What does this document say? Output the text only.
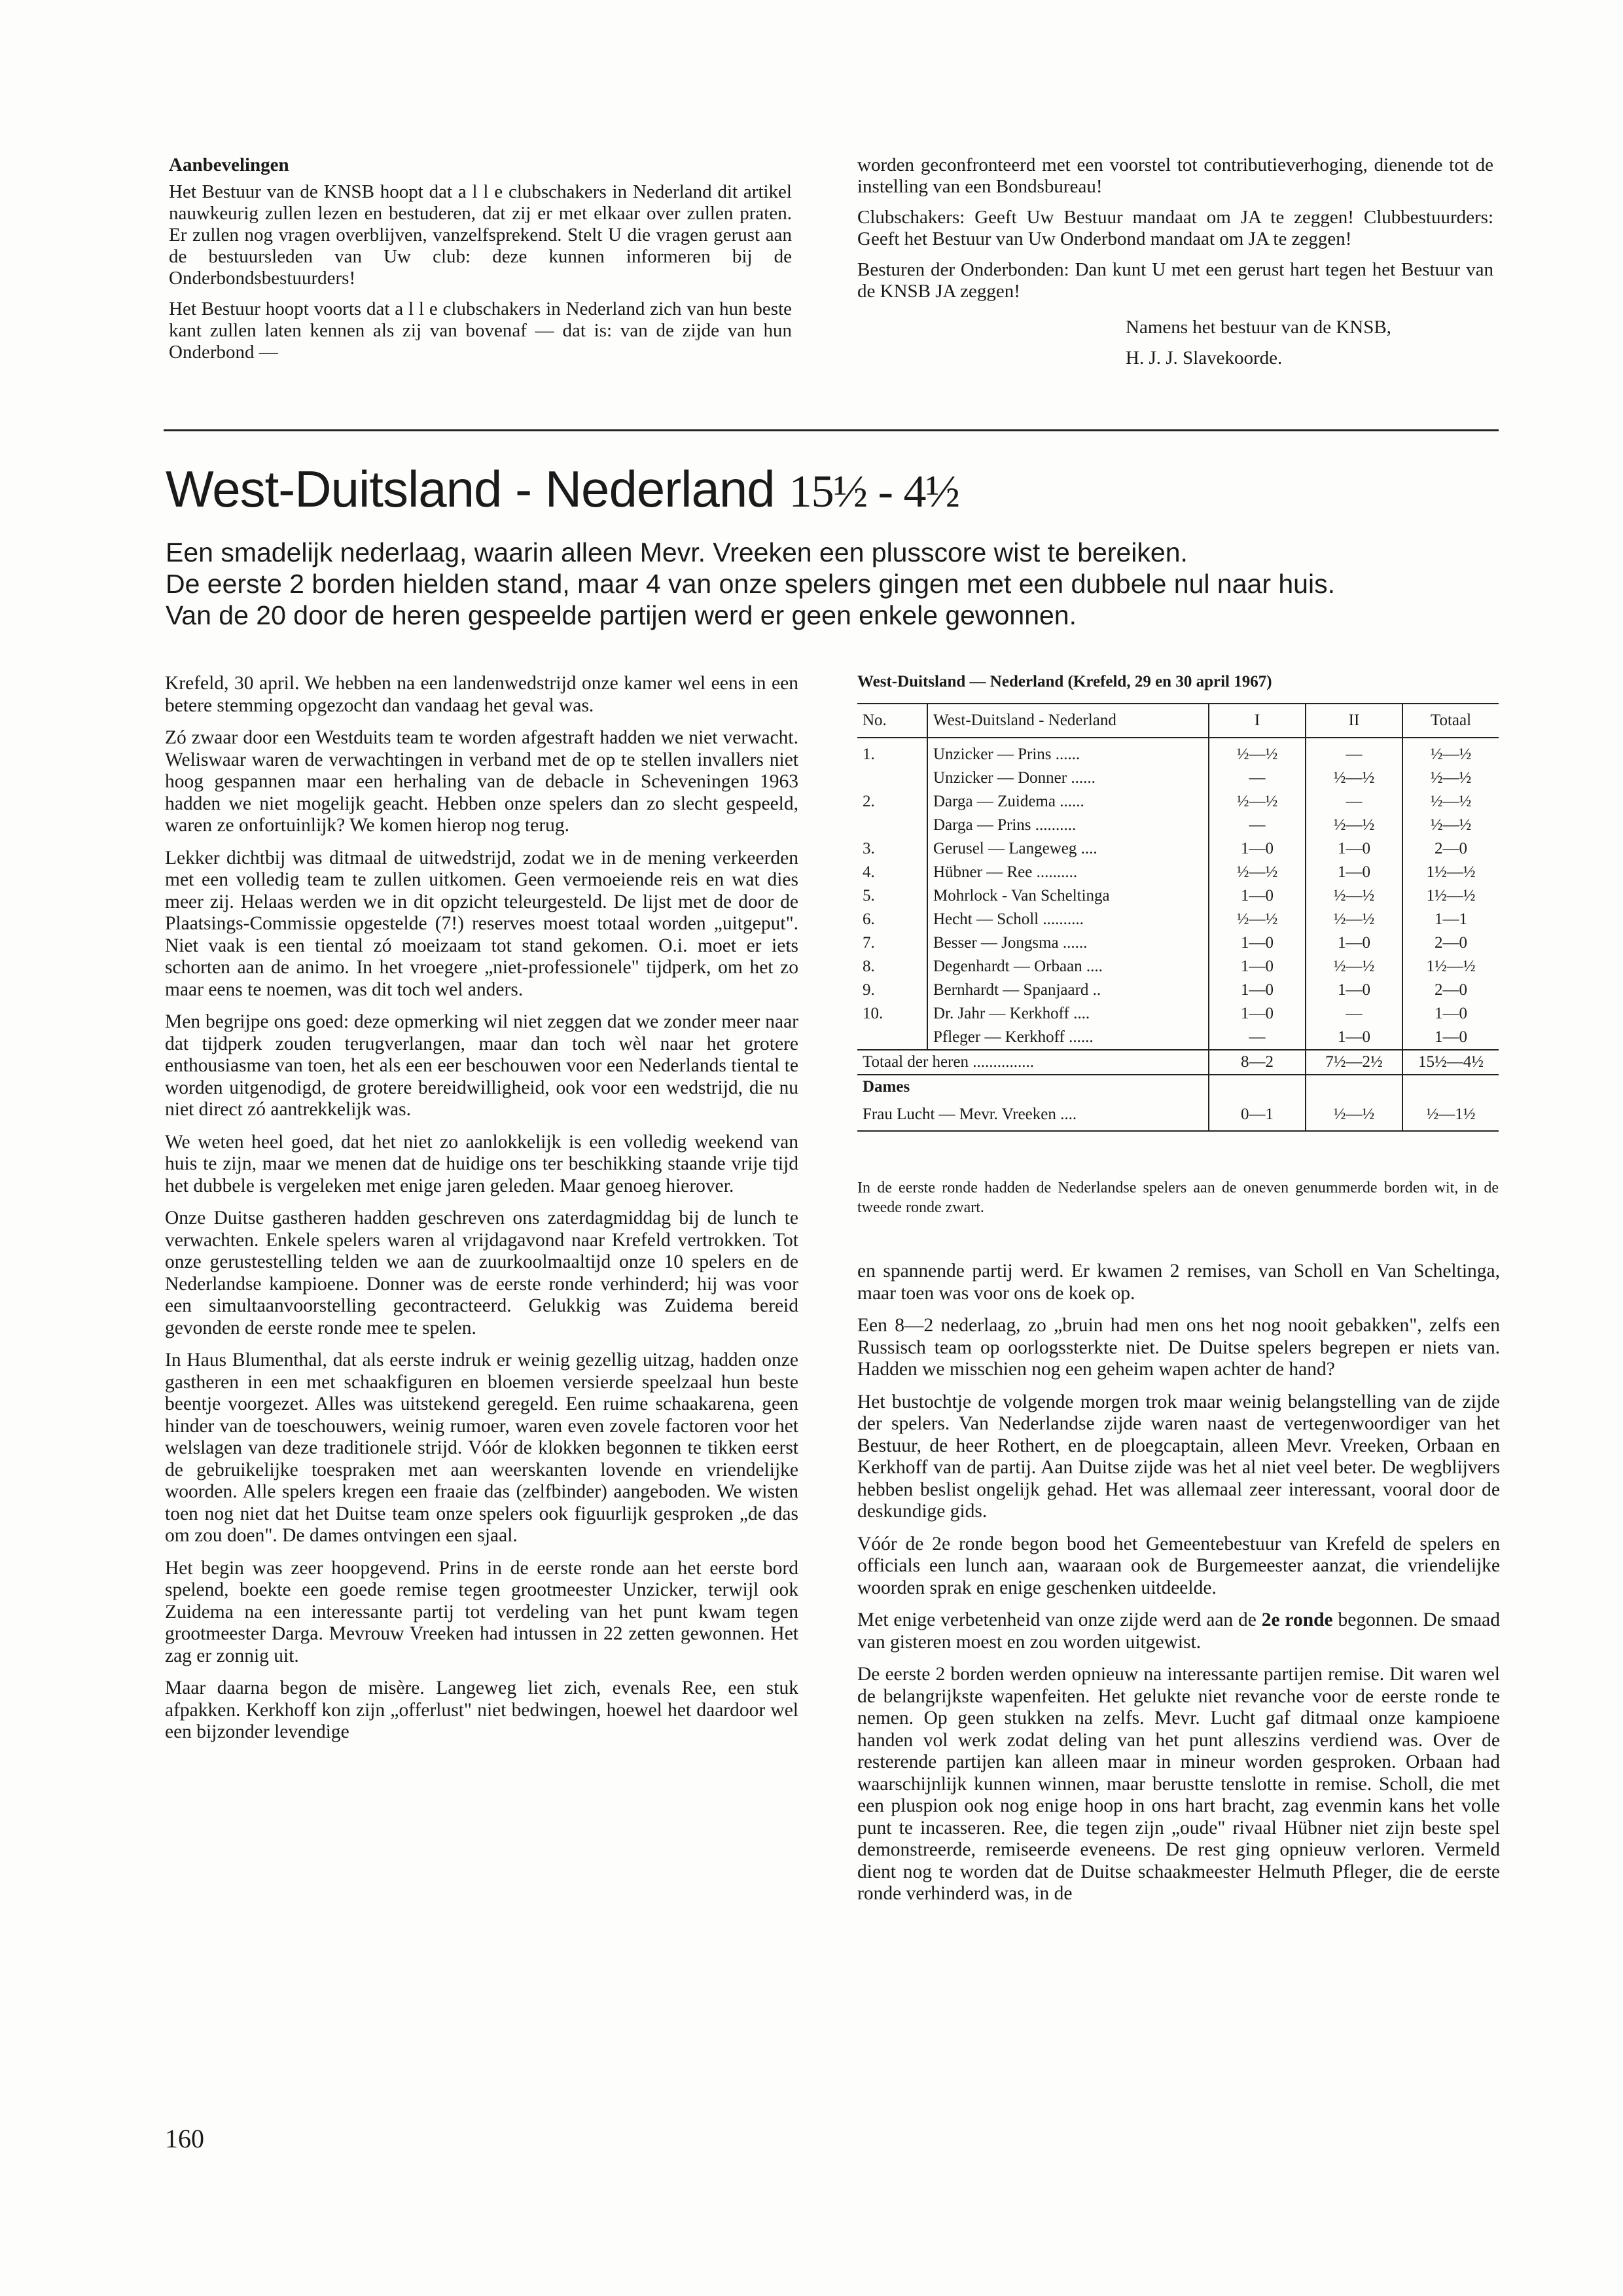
Aanbevelingen

Het Bestuur van de KNSB hoopt dat a l l e clubschakers in Nederland dit artikel nauwkeurig zullen lezen en bestuderen, dat zij er met elkaar over zullen praten. Er zullen nog vragen overblijven, vanzelfsprekend. Stelt U die vragen gerust aan de bestuursleden van Uw club: deze kunnen informeren bij de Onderbondsbestuurders!

Het Bestuur hoopt voorts dat a l l e clubschakers in Nederland zich van hun beste kant zullen laten kennen als zij van bovenaf — dat is: van de zijde van hun Onderbond —

worden geconfronteerd met een voorstel tot contributieverhoging, dienende tot de instelling van een Bondsbureau!

Clubschakers: Geeft Uw Bestuur mandaat om JA te zeggen! Clubbestuurders: Geeft het Bestuur van Uw Onderbond mandaat om JA te zeggen!

Besturen der Onderbonden: Dan kunt U met een gerust hart tegen het Bestuur van de KNSB JA zeggen!

Namens het bestuur van de KNSB,
H. J. J. Slavekoorde.
West-Duitsland - Nederland 15½ - 4½
Een smadelijk nederlaag, waarin alleen Mevr. Vreeken een plusscore wist te bereiken.
De eerste 2 borden hielden stand, maar 4 van onze spelers gingen met een dubbele nul naar huis.
Van de 20 door de heren gespeelde partijen werd er geen enkele gewonnen.

Krefeld, 30 april. We hebben na een landenwedstrijd onze kamer wel eens in een betere stemming opgezocht dan vandaag het geval was.

Zó zwaar door een Westduits team te worden afgestraft hadden we niet verwacht. Weliswaar waren de verwachtingen in verband met de op te stellen invallers niet hoog gespannen maar een herhaling van de debacle in Scheveningen 1963 hadden we niet mogelijk geacht. Hebben onze spelers dan zo slecht gespeeld, waren ze onfortuinlijk? We komen hierop nog terug.

Lekker dichtbij was ditmaal de uitwedstrijd, zodat we in de mening verkeerden met een volledig team te zullen uitkomen. Geen vermoeiende reis en wat dies meer zij. Helaas werden we in dit opzicht teleurgesteld. De lijst met de door de Plaatsings-Commissie opgestelde (7!) reserves moest totaal worden „uitgeput". Niet vaak is een tiental zó moeizaam tot stand gekomen. O.i. moet er iets schorten aan de animo. In het vroegere „niet-professionele" tijdperk, om het zo maar eens te noemen, was dit toch wel anders.

Men begrijpe ons goed: deze opmerking wil niet zeggen dat we zonder meer naar dat tijdperk zouden terugverlangen, maar dan toch wèl naar het grotere enthousiasme van toen, het als een eer beschouwen voor een Nederlands tiental te worden uitgenodigd, de grotere bereidwilligheid, ook voor een wedstrijd, die nu niet direct zó aantrekkelijk was.

We weten heel goed, dat het niet zo aanlokkelijk is een volledig weekend van huis te zijn, maar we menen dat de huidige ons ter beschikking staande vrije tijd het dubbele is vergeleken met enige jaren geleden. Maar genoeg hierover.

Onze Duitse gastheren hadden geschreven ons zaterdagmiddag bij de lunch te verwachten. Enkele spelers waren al vrijdagavond naar Krefeld vertrokken. Tot onze gerustestelling telden we aan de zuurkoolmaaltijd onze 10 spelers en de Nederlandse kampioene. Donner was de eerste ronde verhinderd; hij was voor een simultaanvoorstelling gecontracteerd. Gelukkig was Zuidema bereid gevonden de eerste ronde mee te spelen.

In Haus Blumenthal, dat als eerste indruk er weinig gezellig uitzag, hadden onze gastheren in een met schaakfiguren en bloemen versierde speelzaal hun beste beentje voorgezet. Alles was uitstekend geregeld. Een ruime schaakarena, geen hinder van de toeschouwers, weinig rumoer, waren even zovele factoren voor het welslagen van deze traditionele strijd. Vóór de klokken begonnen te tikken eerst de gebruikelijke toespraken met aan weerskanten lovende en vriendelijke woorden. Alle spelers kregen een fraaie das (zelfbinder) aangeboden. We wisten toen nog niet dat het Duitse team onze spelers ook figuurlijk gesproken „de das om zou doen". De dames ontvingen een sjaal.

Het begin was zeer hoopgevend. Prins in de eerste ronde aan het eerste bord spelend, boekte een goede remise tegen grootmeester Unzicker, terwijl ook Zuidema na een interessante partij tot verdeling van het punt kwam tegen grootmeester Darga. Mevrouw Vreeken had intussen in 22 zetten gewonnen. Het zag er zonnig uit.

Maar daarna begon de misère. Langeweg liet zich, evenals Ree, een stuk afpakken. Kerkhoff kon zijn „offerlust" niet bedwingen, hoewel het daardoor wel een bijzonder levendige

West-Duitsland — Nederland (Krefeld, 29 en 30 april 1967)
No.	West-Duitsland - Nederland	I	II	Totaal
1.	Unzicker — Prins ......	½—½	—	½—½
	Unzicker — Donner ......	—	½—½	½—½
2.	Darga — Zuidema ......	½—½	—	½—½
	Darga — Prins ..........	—	½—½	½—½
3.	Gerusel — Langeweg ....	1—0	1—0	2—0
4.	Hübner — Ree ..........	½—½	1—0	1½—½
5.	Mohrlock - Van Scheltinga	1—0	½—½	1½—½
6.	Hecht — Scholl ..........	½—½	½—½	1—1
7.	Besser — Jongsma ......	1—0	1—0	2—0
8.	Degenhardt — Orbaan ....	1—0	½—½	1½—½
9.	Bernhardt — Spanjaard ..	1—0	1—0	2—0
10.	Dr. Jahr — Kerkhoff ....	1—0	—	1—0
	Pfleger — Kerkhoff ......	—	1—0	1—0
Totaal der heren ...............		8—2	7½—2½	15½—4½
Dames				
Frau Lucht — Mevr. Vreeken ....		0—1	½—½	½—1½
In de eerste ronde hadden de Nederlandse spelers aan de oneven genummerde borden wit, in de tweede ronde zwart.

en spannende partij werd. Er kwamen 2 remises, van Scholl en Van Scheltinga, maar toen was voor ons de koek op.

Een 8—2 nederlaag, zo „bruin had men ons het nog nooit gebakken", zelfs een Russisch team op oorlogssterkte niet. De Duitse spelers begrepen er niets van. Hadden we misschien nog een geheim wapen achter de hand?

Het bustochtje de volgende morgen trok maar weinig belangstelling van de zijde der spelers. Van Nederlandse zijde waren naast de vertegenwoordiger van het Bestuur, de heer Rothert, en de ploegcaptain, alleen Mevr. Vreeken, Orbaan en Kerkhoff van de partij. Aan Duitse zijde was het al niet veel beter. De wegblijvers hebben beslist ongelijk gehad. Het was allemaal zeer interessant, vooral door de deskundige gids.

Vóór de 2e ronde begon bood het Gemeentebestuur van Krefeld de spelers en officials een lunch aan, waaraan ook de Burgemeester aanzat, die vriendelijke woorden sprak en enige geschenken uitdeelde.

Met enige verbetenheid van onze zijde werd aan de 2e ronde begonnen. De smaad van gisteren moest en zou worden uitgewist.

De eerste 2 borden werden opnieuw na interessante partijen remise. Dit waren wel de belangrijkste wapenfeiten. Het gelukte niet revanche voor de eerste ronde te nemen. Op geen stukken na zelfs. Mevr. Lucht gaf ditmaal onze kampioene handen vol werk zodat deling van het punt alleszins verdiend was. Over de resterende partijen kan alleen maar in mineur worden gesproken. Orbaan had waarschijnlijk kunnen winnen, maar berustte tenslotte in remise. Scholl, die met een pluspion ook nog enige hoop in ons hart bracht, zag evenmin kans het volle punt te incasseren. Ree, die tegen zijn „oude" rivaal Hübner niet zijn beste spel demonstreerde, remiseerde eveneens. De rest ging opnieuw verloren. Vermeld dient nog te worden dat de Duitse schaakmeester Helmuth Pfleger, die de eerste ronde verhinderd was, in de

160
